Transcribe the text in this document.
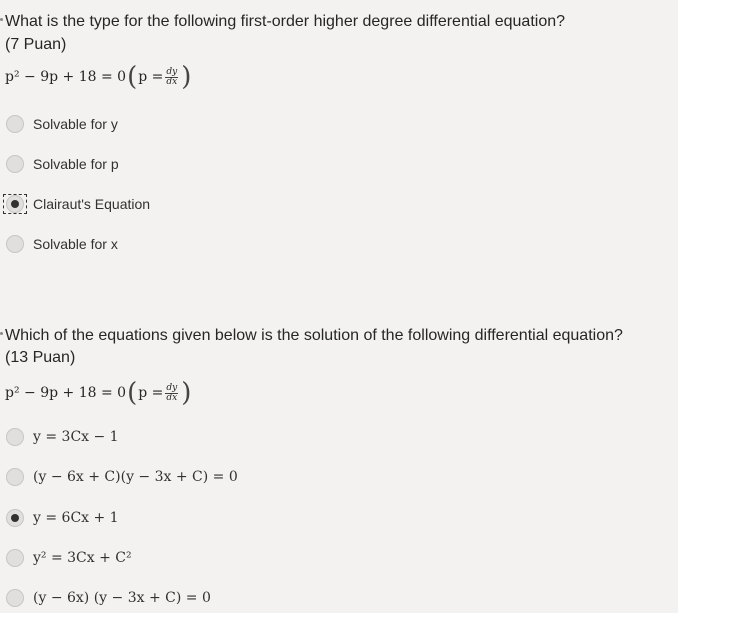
What is the type for the following first-order higher degree differential equation?
(7 Puan)
p² − 9p + 18 = 0 ( $p = \frac{dy}{dx}$ )
Solvable for y
Solvable for p
Clairaut's Equation
Solvable for x
Which of the equations given below is the solution of the following differential equation?
(13 Puan)
p² − 9p + 18 = 0 ( $p = \frac{dy}{dx}$ )
y = 3Cx − 1
(y − 6x + C)(y − 3x + C) = 0
y = 6Cx + 1
y² = 3Cx + C²
(y − 6x) (y − 3x + C) = 0
